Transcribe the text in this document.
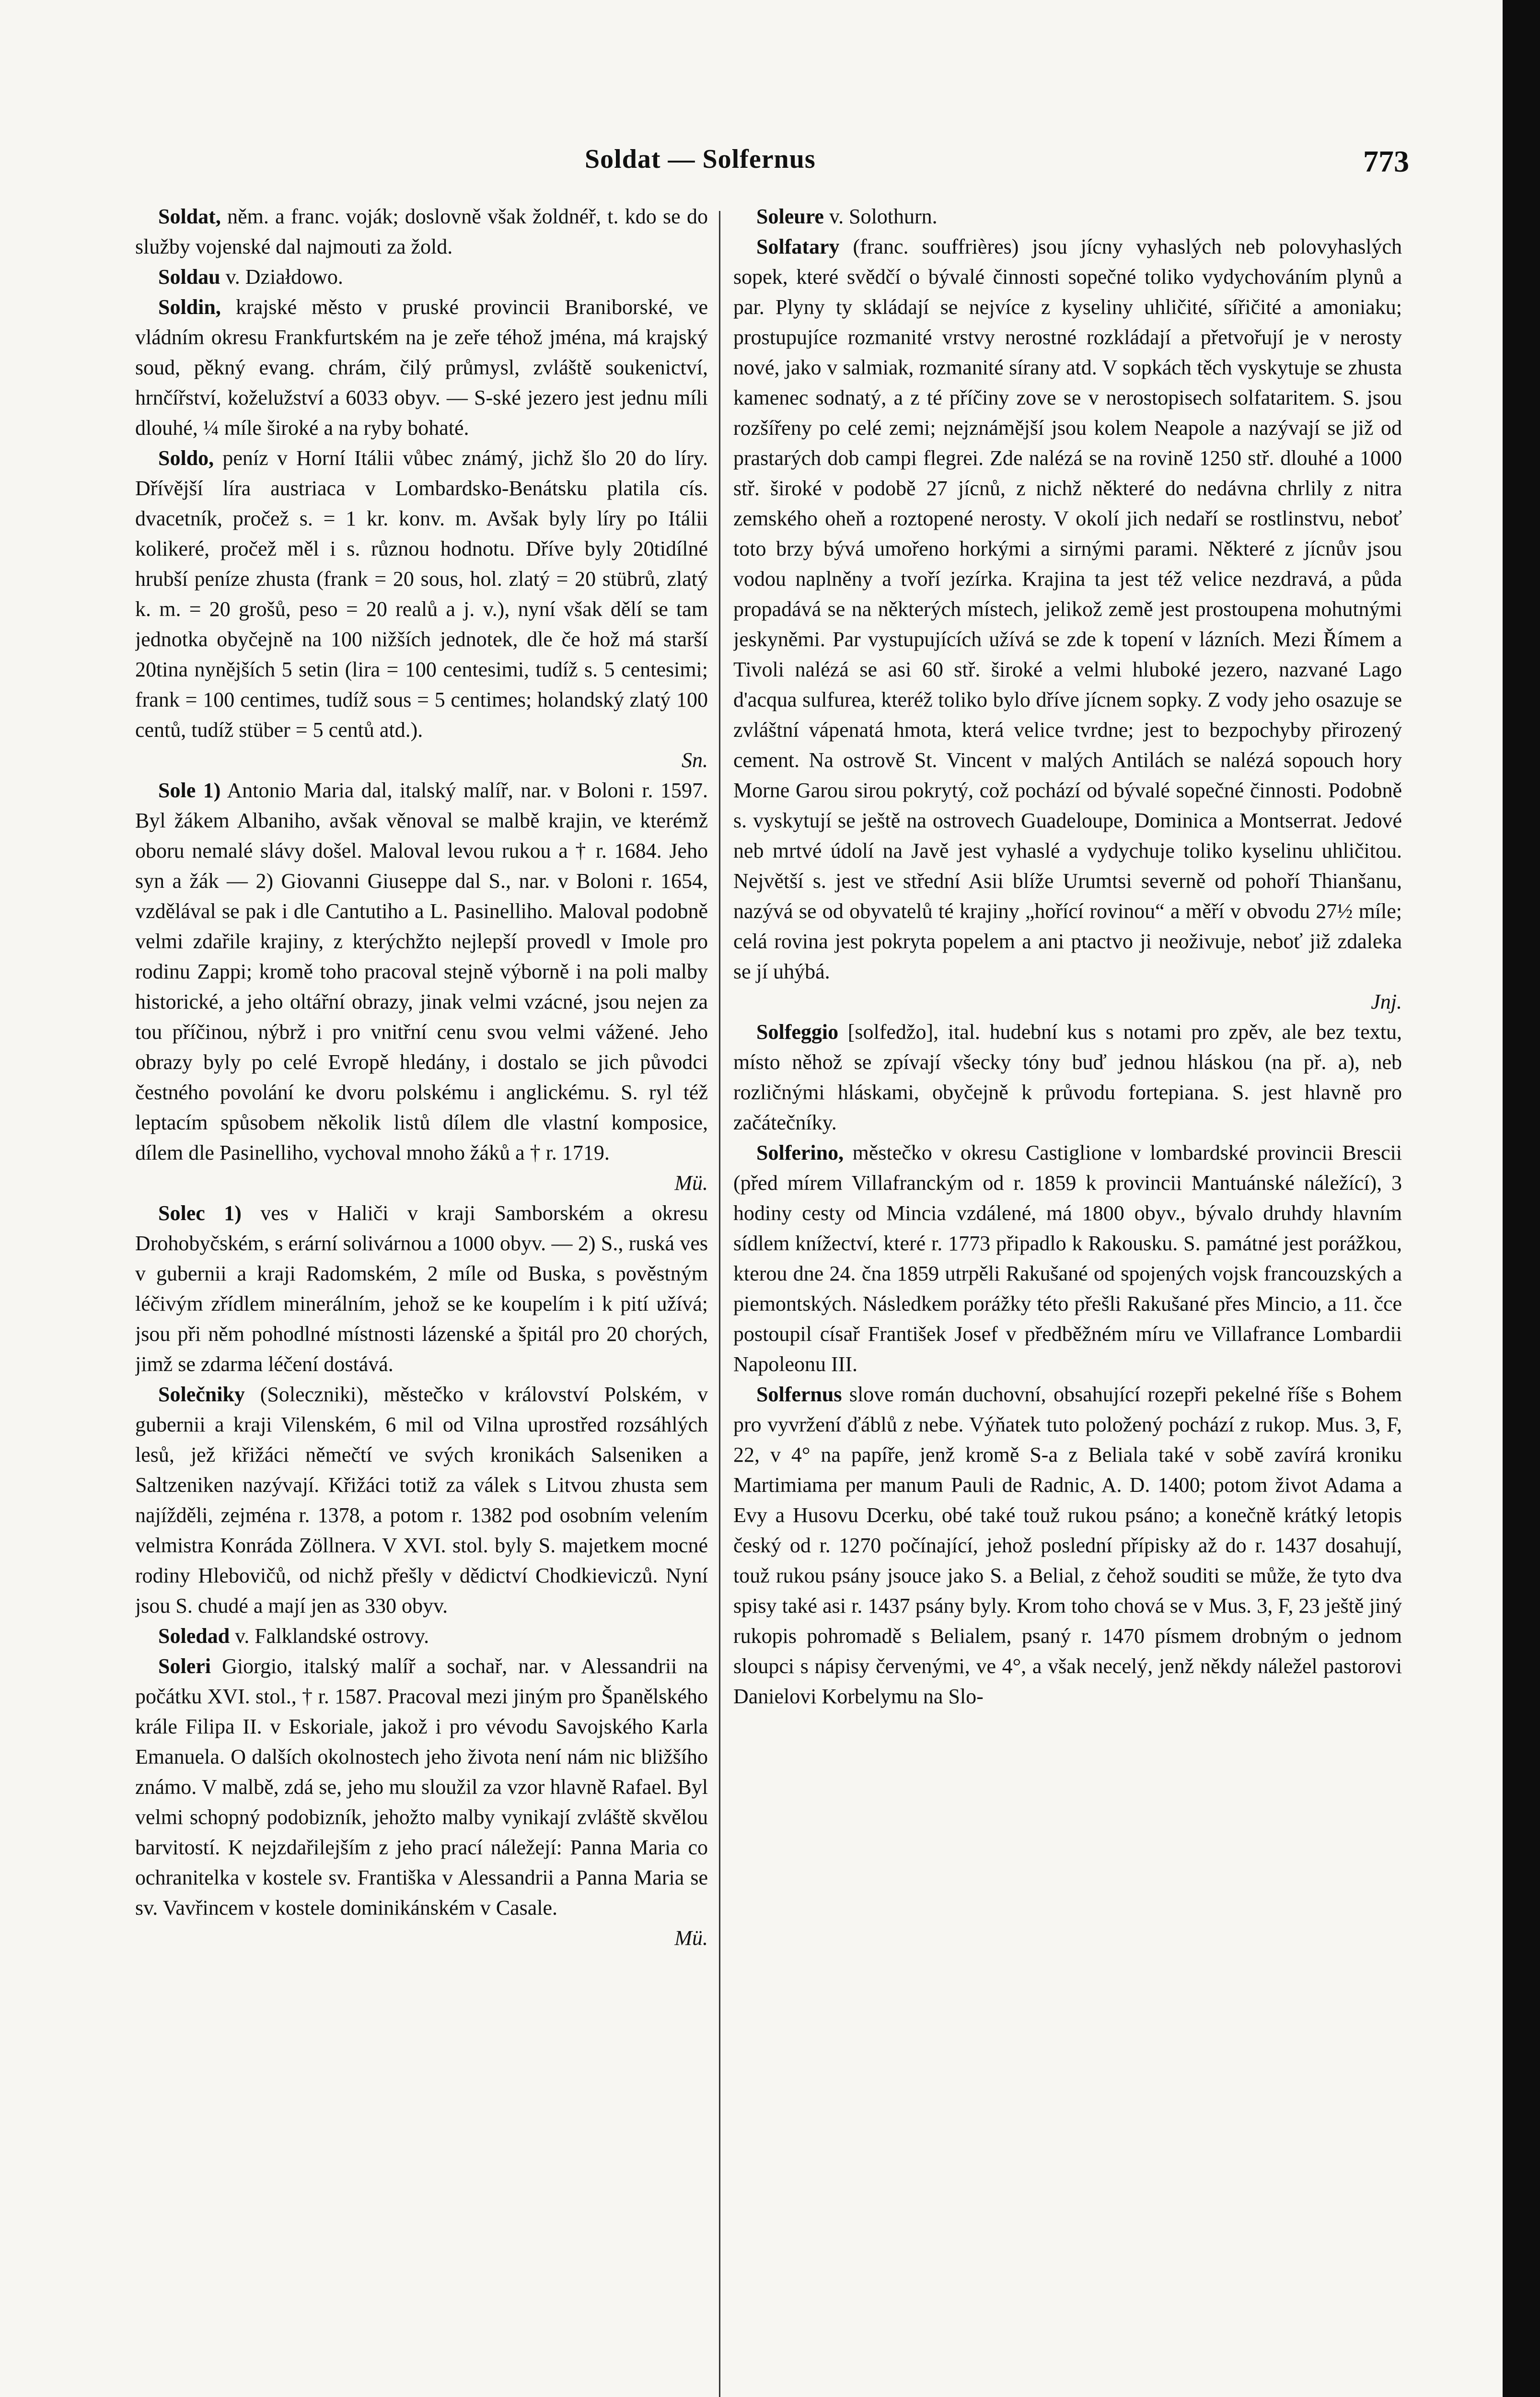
Soldat — Solfernus	773

Soldat, něm. a franc. voják; doslovně však žoldnéř, t. kdo se do služby vojenské dal najmouti za žold.

Soldau v. Działdowo.

Soldin, krajské město v pruské provincii Braniborské, ve vládním okresu Frankfurtském na je zeře téhož jména, má krajský soud, pěkný evang. chrám, čilý průmysl, zvláště soukenictví, hrnčířství, koželužství a 6033 obyv. — S-ské jezero jest jednu míli dlouhé, ¼ míle široké a na ryby bohaté.

Soldo, peníz v Horní Itálii vůbec známý, jichž šlo 20 do líry. Dřívější líra austriaca v Lombardsko-Benátsku platila cís. dvacetník, pročež s. = 1 kr. konv. m. Avšak byly líry po Itálii kolikeré, pročež měl i s. různou hodnotu. Dříve byly 20tidílné hrubší peníze zhusta (frank = 20 sous, hol. zlatý = 20 stübrů, zlatý k. m. = 20 grošů, peso = 20 realů a j. v.), nyní však dělí se tam jednotka obyčejně na 100 nižších jednotek, dle če hož má starší 20tina nynějších 5 setin (lira = 100 centesimi, tudíž s. 5 centesimi; frank = 100 centimes, tudíž sous = 5 centimes; holandský zlatý 100 centů, tudíž stüber = 5 centů atd.).
Sn.

Sole 1) Antonio Maria dal, italský malíř, nar. v Boloni r. 1597. Byl žákem Albaniho, avšak věnoval se malbě krajin, ve kterémž oboru nemalé slávy došel. Maloval levou rukou a † r. 1684. Jeho syn a žák — 2) Giovanni Giuseppe dal S., nar. v Boloni r. 1654, vzdělával se pak i dle Cantutiho a L. Pasinelliho. Maloval podobně velmi zdařile krajiny, z kterýchžto nejlepší provedl v Imole pro rodinu Zappi; kromě toho pracoval stejně výborně i na poli malby historické, a jeho oltářní obrazy, jinak velmi vzácné, jsou nejen za tou příčinou, nýbrž i pro vnitřní cenu svou velmi vážené. Jeho obrazy byly po celé Evropě hledány, i dostalo se jich původci čestného povolání ke dvoru polskému i anglickému. S. ryl též leptacím spůsobem několik listů dílem dle vlastní komposice, dílem dle Pasinelliho, vychoval mnoho žáků a † r. 1719.
Mü.

Solec 1) ves v Haliči v kraji Samborském a okresu Drohobyčském, s erární solivárnou a 1000 obyv. — 2) S., ruská ves v gubernii a kraji Radomském, 2 míle od Buska, s pověstným léčivým zřídlem minerálním, jehož se ke koupelím i k pití užívá; jsou při něm pohodlné místnosti lázenské a špitál pro 20 chorých, jimž se zdarma léčení dostává.

Solečniky (Soleczniki), městečko v království Polském, v gubernii a kraji Vilenském, 6 mil od Vilna uprostřed rozsáhlých lesů, jež křižáci němečtí ve svých kronikách Salseniken a Saltzeniken nazývají. Křižáci totiž za válek s Litvou zhusta sem najížděli, zejména r. 1378, a potom r. 1382 pod osobním velením velmistra Konráda Zöllnera. V XVI. stol. byly S. majetkem mocné rodiny Hlebovičů, od nichž přešly v dědictví Chodkieviczů. Nyní jsou S. chudé a mají jen as 330 obyv.

Soledad v. Falklandské ostrovy.

Soleri Giorgio, italský malíř a sochař, nar. v Alessandrii na počátku XVI. stol., † r. 1587. Pracoval mezi jiným pro Španělského krále Filipa II. v Eskoriale, jakož i pro vévodu Savojského Karla Emanuela. O dalších okolnostech jeho života není nám nic bližšího známo. V malbě, zdá se, jeho mu sloužil za vzor hlavně Rafael. Byl velmi schopný podobizník, jehožto malby vynikají zvláště skvělou barvitostí. K nejzdařilejším z jeho prací náležejí: Panna Maria co ochranitelka v kostele sv. Františka v Alessandrii a Panna Maria se sv. Vavřincem v kostele dominikánském v Casale.
Mü.

Soleure v. Solothurn.

Solfatary (franc. souffrières) jsou jícny vyhaslých neb polovyhaslých sopek, které svědčí o bývalé činnosti sopečné toliko vydychováním plynů a par. Plyny ty skládají se nejvíce z kyseliny uhličité, sířičité a amoniaku; prostupujíce rozmanité vrstvy nerostné rozkládají a přetvořují je v nerosty nové, jako v salmiak, rozmanité sírany atd. V sopkách těch vyskytuje se zhusta kamenec sodnatý, a z té příčiny zove se v nerostopisech solfataritem. S. jsou rozšířeny po celé zemi; nejznámější jsou kolem Neapole a nazývají se již od prastarých dob campi flegrei. Zde nalézá se na rovině 1250 stř. dlouhé a 1000 stř. široké v podobě 27 jícnů, z nichž některé do nedávna chrlily z nitra zemského oheň a roztopené nerosty. V okolí jich nedaří se rostlinstvu, neboť toto brzy bývá umořeno horkými a sirnými parami. Některé z jícnův jsou vodou naplněny a tvoří jezírka. Krajina ta jest též velice nezdravá, a půda propadává se na některých místech, jelikož země jest prostoupena mohutnými jeskyněmi. Par vystupujících užívá se zde k topení v lázních. Mezi Římem a Tivoli nalézá se asi 60 stř. široké a velmi hluboké jezero, nazvané Lago d'acqua sulfurea, kteréž toliko bylo dříve jícnem sopky. Z vody jeho osazuje se zvláštní vápenatá hmota, která velice tvrdne; jest to bezpochyby přirozený cement. Na ostrově St. Vincent v malých Antilách se nalézá sopouch hory Morne Garou sirou pokrytý, což pochází od bývalé sopečné činnosti. Podobně s. vyskytují se ještě na ostrovech Guadeloupe, Dominica a Montserrat. Jedové neb mrtvé údolí na Javě jest vyhaslé a vydychuje toliko kyselinu uhličitou. Největší s. jest ve střední Asii blíže Urumtsi severně od pohoří Thianšanu, nazývá se od obyvatelů té krajiny „hořící rovinou“ a měří v obvodu 27½ míle; celá rovina jest pokryta popelem a ani ptactvo ji neoživuje, neboť již zdaleka se jí uhýbá.
Jnj.

Solfeggio [solfedžo], ital. hudební kus s notami pro zpěv, ale bez textu, místo něhož se zpívají všecky tóny buď jednou hláskou (na př. a), neb rozličnými hláskami, obyčejně k průvodu fortepiana. S. jest hlavně pro začátečníky.

Solferino, městečko v okresu Castiglione v lombardské provincii Brescii (před mírem Villafranckým od r. 1859 k provincii Mantuánské náležící), 3 hodiny cesty od Mincia vzdálené, má 1800 obyv., bývalo druhdy hlavním sídlem knížectví, které r. 1773 připadlo k Rakousku. S. památné jest porážkou, kterou dne 24. čna 1859 utrpěli Rakušané od spojených vojsk francouzských a piemontských. Následkem porážky této přešli Rakušané přes Mincio, a 11. čce postoupil císař František Josef v předběžném míru ve Villafrance Lombardii Napoleonu III.

Solfernus slove román duchovní, obsahující rozepři pekelné říše s Bohem pro vyvržení ďáblů z nebe. Výňatek tuto položený pochází z rukop. Mus. 3, F, 22, v 4° na papíře, jenž kromě S-a z Beliala také v sobě zavírá kroniku Martimiama per manum Pauli de Radnic, A. D. 1400; potom život Adama a Evy a Husovu Dcerku, obé také touž rukou psáno; a konečně krátký letopis český od r. 1270 počínající, jehož poslední přípisky až do r. 1437 dosahují, touž rukou psány jsouce jako S. a Belial, z čehož souditi se může, že tyto dva spisy také asi r. 1437 psány byly. Krom toho chová se v Mus. 3, F, 23 ještě jiný rukopis pohromadě s Belialem, psaný r. 1470 písmem drobným o jednom sloupci s nápisy červenými, ve 4°, a však necelý, jenž někdy náležel pastorovi Danielovi Korbelymu na Slo-
